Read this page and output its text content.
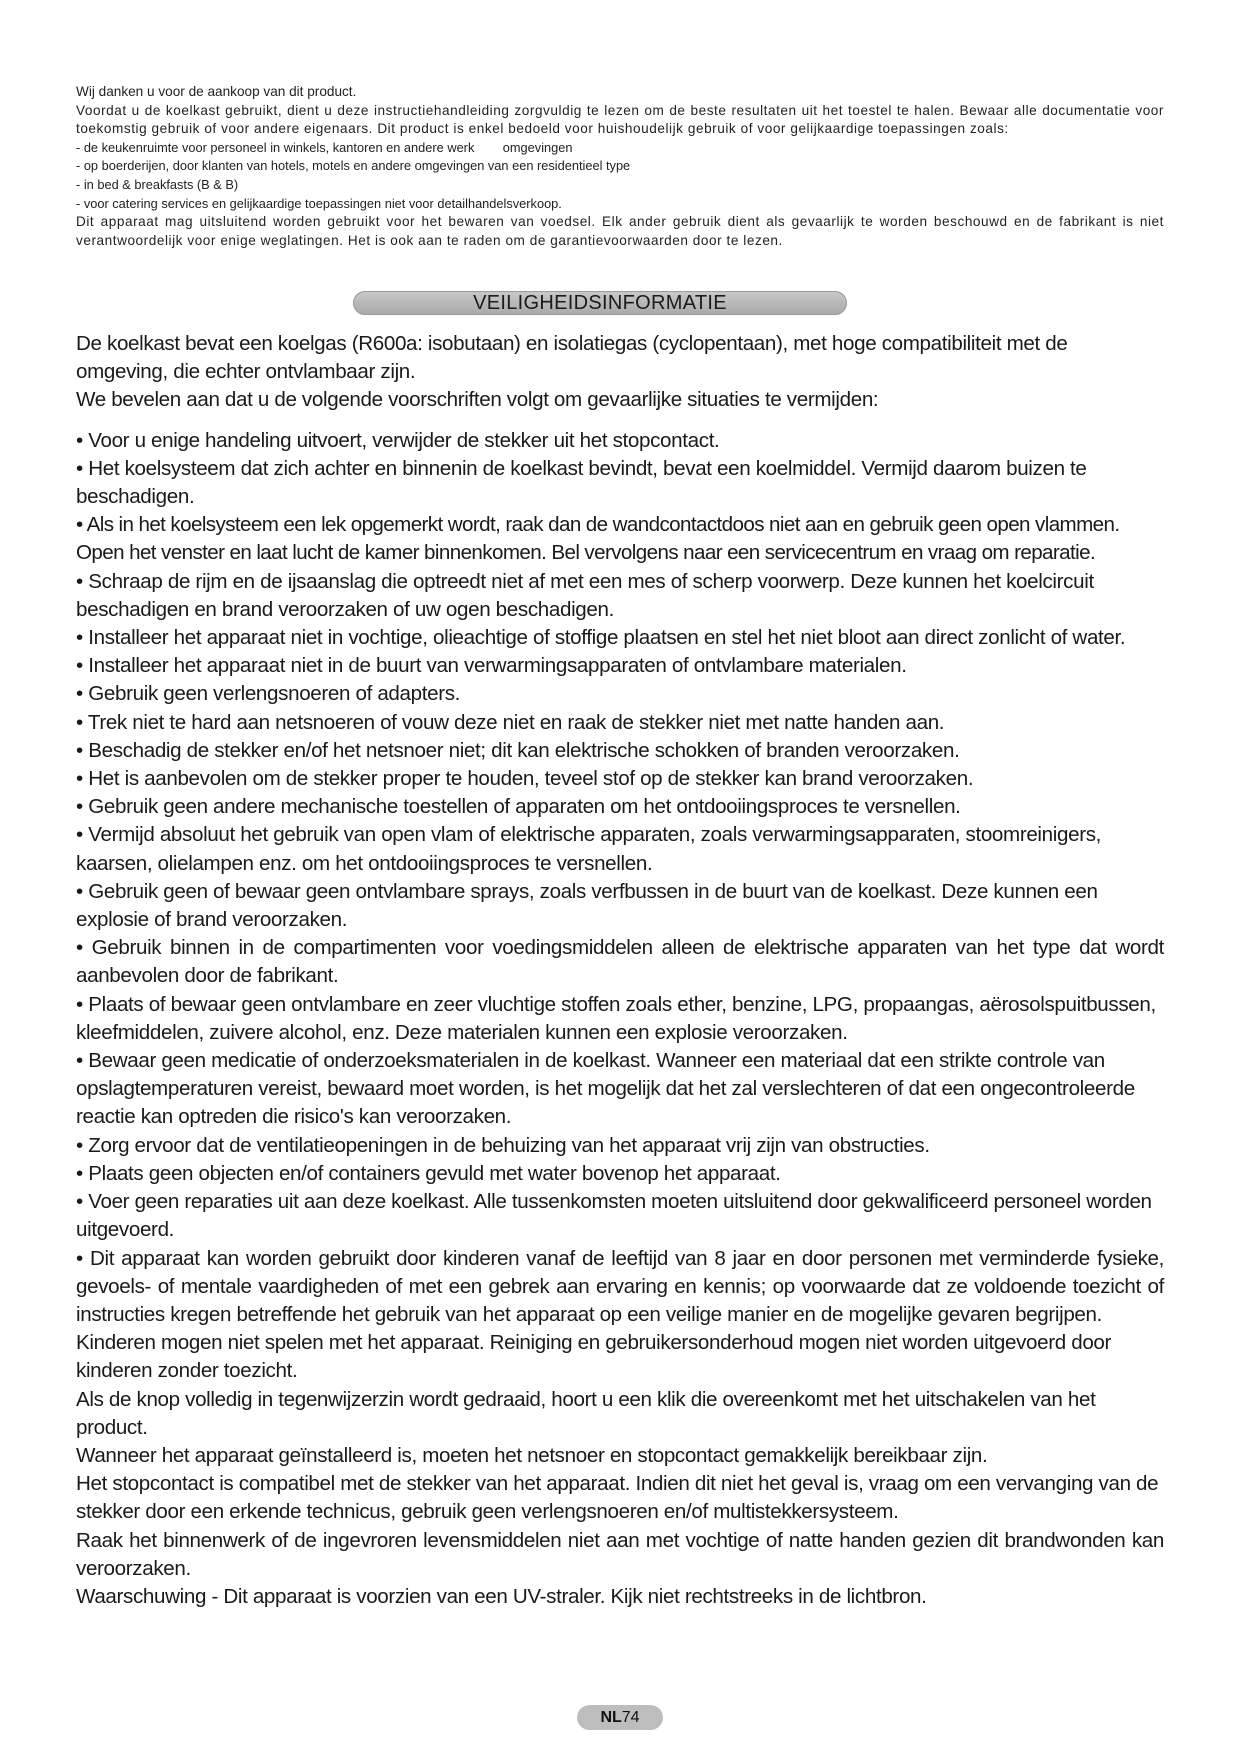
Wij danken u voor de aankoop van dit product.

Voordat u de koelkast gebruikt, dient u deze instructiehandleiding zorgvuldig te lezen om de beste resultaten uit het toestel te halen. Bewaar alle documentatie voor toekomstig gebruik of voor andere eigenaars. Dit product is enkel bedoeld voor huishoudelijk gebruik of voor gelijkaardige toepassingen zoals:

- de keukenruimte voor personeel in winkels, kantoren en andere werk        omgevingen

- op boerderijen, door klanten van hotels, motels en andere omgevingen van een residentieel type

- in bed & breakfasts (B & B)

- voor catering services en gelijkaardige toepassingen niet voor detailhandelsverkoop.

Dit apparaat mag uitsluitend worden gebruikt voor het bewaren van voedsel. Elk ander gebruik dient als gevaarlijk te worden beschouwd en de fabrikant is niet verantwoordelijk voor enige weglatingen. Het is ook aan te raden om de garantievoorwaarden door te lezen.

VEILIGHEIDSINFORMATIE

De koelkast bevat een koelgas (R600a: isobutaan) en isolatiegas (cyclopentaan), met hoge compatibiliteit met de omgeving, die echter ontvlambaar zijn.

We bevelen aan dat u de volgende voorschriften volgt om gevaarlijke situaties te vermijden:

• Voor u enige handeling uitvoert, verwijder de stekker uit het stopcontact.

• Het koelsysteem dat zich achter en binnenin de koelkast bevindt, bevat een koelmiddel. Vermijd daarom buizen te beschadigen.

• Als in het koelsysteem een lek opgemerkt wordt, raak dan de wandcontactdoos niet aan en gebruik geen open vlammen. Open het venster en laat lucht de kamer binnenkomen. Bel vervolgens naar een servicecentrum en vraag om reparatie.

• Schraap de rijm en de ijsaanslag die optreedt niet af met een mes of scherp voorwerp. Deze kunnen het koelcircuit beschadigen en brand veroorzaken of uw ogen beschadigen.

• Installeer het apparaat niet in vochtige, olieachtige of stoffige plaatsen en stel het niet bloot aan direct zonlicht of water.

• Installeer het apparaat niet in de buurt van verwarmingsapparaten of ontvlambare materialen.

• Gebruik geen verlengsnoeren of adapters.

• Trek niet te hard aan netsnoeren of vouw deze niet en raak de stekker niet met natte handen aan.

• Beschadig de stekker en/of het netsnoer niet; dit kan elektrische schokken of branden veroorzaken.

• Het is aanbevolen om de stekker proper te houden, teveel stof op de stekker kan brand veroorzaken.

• Gebruik geen andere mechanische toestellen of apparaten om het ontdooiingsproces te versnellen.

• Vermijd absoluut het gebruik van open vlam of elektrische apparaten, zoals verwarmingsapparaten, stoomreinigers, kaarsen, olielampen enz. om het ontdooiingsproces te versnellen.

• Gebruik geen of bewaar geen ontvlambare sprays, zoals verfbussen in de buurt van de koelkast. Deze kunnen een explosie of brand veroorzaken.

• Gebruik binnen in de compartimenten voor voedingsmiddelen alleen de elektrische apparaten van het type dat wordt aanbevolen door de fabrikant.

• Plaats of bewaar geen ontvlambare en zeer vluchtige stoffen zoals ether, benzine, LPG, propaangas, aërosolspuitbussen, kleefmiddelen, zuivere alcohol, enz. Deze materialen kunnen een explosie veroorzaken.

• Bewaar geen medicatie of onderzoeksmaterialen in de koelkast. Wanneer een materiaal dat een strikte controle van opslagtemperaturen vereist, bewaard moet worden, is het mogelijk dat het zal verslechteren of dat een ongecontroleerde reactie kan optreden die risico's kan veroorzaken.

• Zorg ervoor dat de ventilatieopeningen in de behuizing van het apparaat vrij zijn van obstructies.

• Plaats geen objecten en/of containers gevuld met water bovenop het apparaat.

• Voer geen reparaties uit aan deze koelkast. Alle tussenkomsten moeten uitsluitend door gekwalificeerd personeel worden uitgevoerd.

• Dit apparaat kan worden gebruikt door kinderen vanaf de leeftijd van 8 jaar en door personen met verminderde fysieke, gevoels- of mentale vaardigheden of met een gebrek aan ervaring en kennis; op voorwaarde dat ze voldoende toezicht of instructies kregen betreffende het gebruik van het apparaat op een veilige manier en de mogelijke gevaren begrijpen.

Kinderen mogen niet spelen met het apparaat. Reiniging en gebruikersonderhoud mogen niet worden uitgevoerd door kinderen zonder toezicht.

Als de knop volledig in tegenwijzerzin wordt gedraaid, hoort u een klik die overeenkomt met het uitschakelen van het product.

Wanneer het apparaat geïnstalleerd is, moeten het netsnoer en stopcontact gemakkelijk bereikbaar zijn.

Het stopcontact is compatibel met de stekker van het apparaat. Indien dit niet het geval is, vraag om een vervanging van de stekker door een erkende technicus, gebruik geen verlengsnoeren en/of multistekkersysteem.

Raak het binnenwerk of de ingevroren levensmiddelen niet aan met vochtige of natte handen gezien dit brandwonden kan veroorzaken.

Waarschuwing - Dit apparaat is voorzien van een UV-straler. Kijk niet rechtstreeks in de lichtbron.

NL 74
